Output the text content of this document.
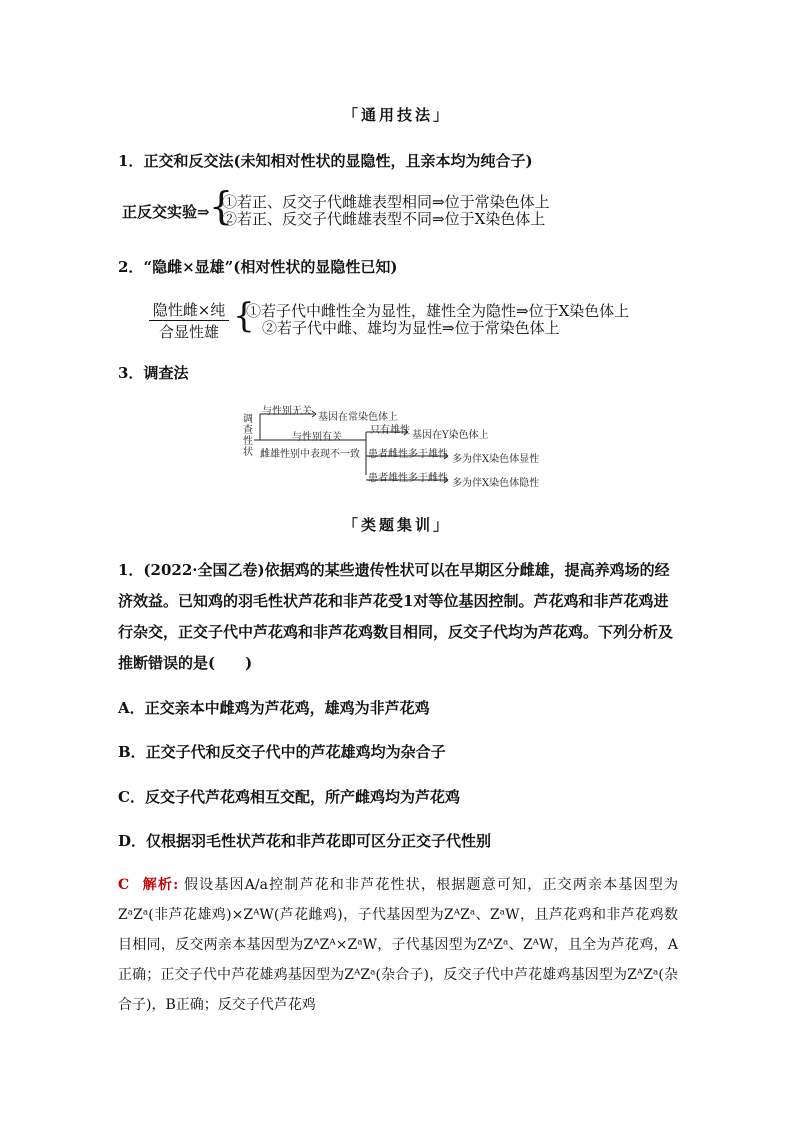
「通用技法」
1．正交和反交法(未知相对性状的显隐性，且亲本均为纯合子)
正反交实验⇒ {
①若正、反交子代雌雄表型相同⇒位于常染色体上
②若正、反交子代雌雄表型不同⇒位于X染色体上
2．“隐雌×显雄”(相对性状的显隐性已知)
隐性雌×纯
合显性雄 {
①若子代中雌性全为显性，雄性全为隐性⇒位于X染色体上
②若子代中雌、雄均为显性⇒位于常染色体上
3．调查法
调
查
性
状
与性别无关
基因在常染色体上
与性别有关
雌雄性别中表现不一致
只有雄性 基因在Y染色体上
患者雌性多于雄性 多为伴X染色体显性
患者雄性多于雌性 多为伴X染色体隐性
「类题集训」
1．(2022·全国乙卷)依据鸡的某些遗传性状可以在早期区分雌雄，提高养鸡场的经济效益。已知鸡的羽毛性状芦花和非芦花受1对等位基因控制。芦花鸡和非芦花鸡进行杂交，正交子代中芦花鸡和非芦花鸡数目相同，反交子代均为芦花鸡。下列分析及推断错误的是(　　)
A．正交亲本中雌鸡为芦花鸡，雄鸡为非芦花鸡
B．正交子代和反交子代中的芦花雄鸡均为杂合子
C．反交子代芦花鸡相互交配，所产雌鸡均为芦花鸡
D．仅根据羽毛性状芦花和非芦花即可区分正交子代性别
C 解析: 假设基因A/a控制芦花和非芦花性状，根据题意可知，正交两亲本基因型为ZᵃZᵃ(非芦花雄鸡)×ZᴬW(芦花雌鸡)，子代基因型为ZᴬZᵃ、ZᵃW，且芦花鸡和非芦花鸡数目相同，反交两亲本基因型为ZᴬZᴬ×ZᵃW，子代基因型为ZᴬZᵃ、ZᴬW，且全为芦花鸡，A正确；正交子代中芦花雄鸡基因型为ZᴬZᵃ(杂合子)，反交子代中芦花雄鸡基因型为ZᴬZᵃ(杂合子)，B正确；反交子代芦花鸡
